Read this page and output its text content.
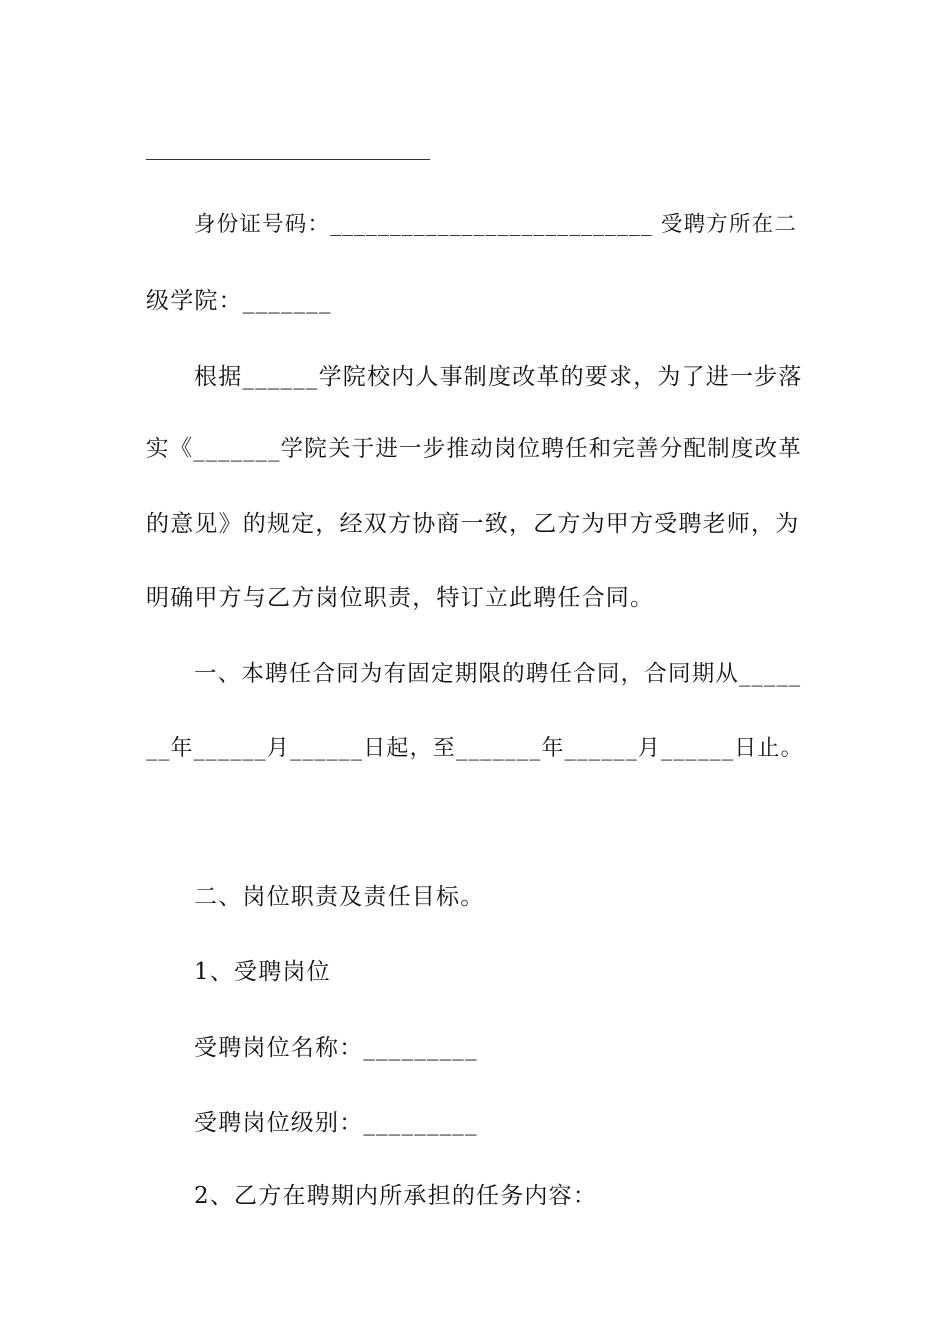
身份证号码：___________________________ 受聘方所在二
级学院：_______
根据______学院校内人事制度改革的要求，为了进一步落
实《_______学院关于进一步推动岗位聘任和完善分配制度改革
的意见》的规定，经双方协商一致，乙方为甲方受聘老师，为
明确甲方与乙方岗位职责，特订立此聘任合同。
一、本聘任合同为有固定期限的聘任合同，合同期从_____
__年______月______日起，至_______年______月______日止。
二、岗位职责及责任目标。
1、受聘岗位
受聘岗位名称：_________
受聘岗位级别：_________
2、乙方在聘期内所承担的任务内容：
